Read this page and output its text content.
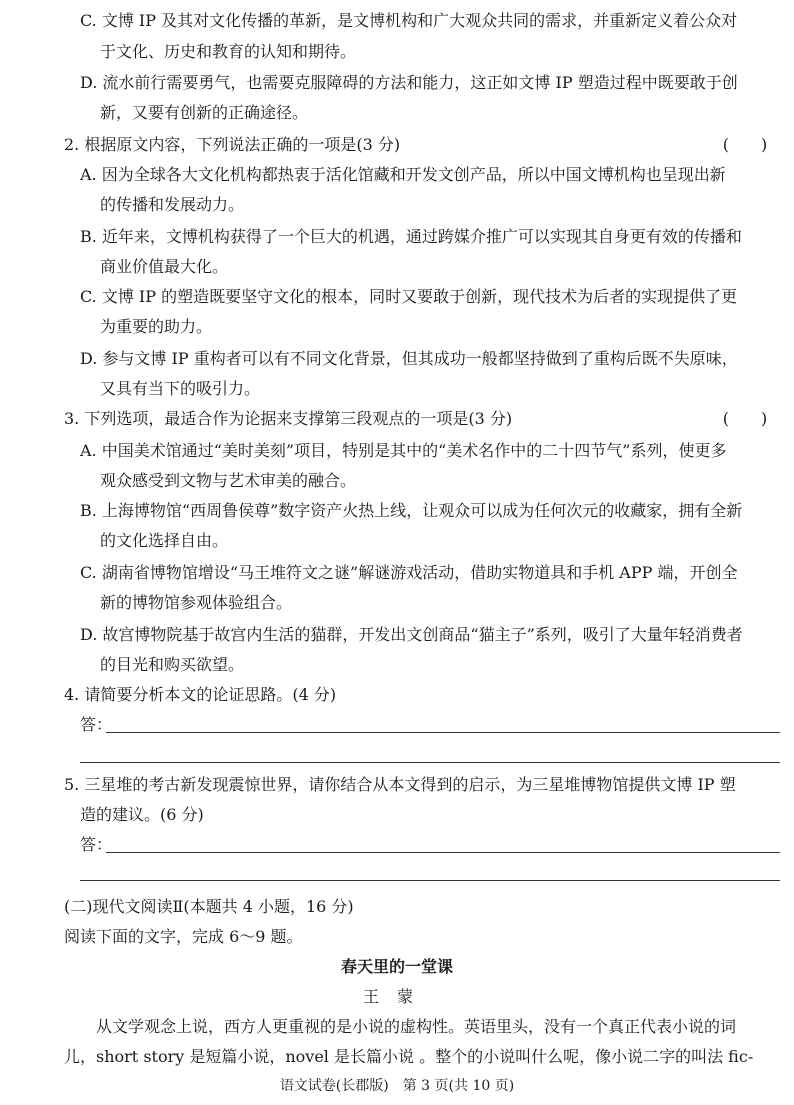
C. 文博 IP 及其对文化传播的革新，是文博机构和广大观众共同的需求，并重新定义着公众对
于文化、历史和教育的认知和期待。
D. 流水前行需要勇气，也需要克服障碍的方法和能力，这正如文博 IP 塑造过程中既要敢于创
新，又要有创新的正确途径。
2. 根据原文内容，下列说法正确的一项是(3 分)	(　　)
A. 因为全球各大文化机构都热衷于活化馆藏和开发文创产品，所以中国文博机构也呈现出新
的传播和发展动力。
B. 近年来，文博机构获得了一个巨大的机遇，通过跨媒介推广可以实现其自身更有效的传播和
商业价值最大化。
C. 文博 IP 的塑造既要坚守文化的根本，同时又要敢于创新，现代技术为后者的实现提供了更
为重要的助力。
D. 参与文博 IP 重构者可以有不同文化背景，但其成功一般都坚持做到了重构后既不失原味，
又具有当下的吸引力。
3. 下列选项，最适合作为论据来支撑第三段观点的一项是(3 分)	(　　)
A. 中国美术馆通过“美时美刻”项目，特别是其中的“美术名作中的二十四节气”系列，使更多
观众感受到文物与艺术审美的融合。
B. 上海博物馆“西周鲁侯尊”数字资产火热上线，让观众可以成为任何次元的收藏家，拥有全新
的文化选择自由。
C. 湖南省博物馆增设“马王堆符文之谜”解谜游戏活动，借助实物道具和手机 APP 端，开创全
新的博物馆参观体验组合。
D. 故宫博物院基于故宫内生活的猫群，开发出文创商品“猫主子”系列，吸引了大量年轻消费者
的目光和购买欲望。
4. 请简要分析本文的论证思路。(4 分)
答：
5. 三星堆的考古新发现震惊世界，请你结合从本文得到的启示，为三星堆博物馆提供文博 IP 塑
造的建议。(6 分)
答：
(二)现代文阅读Ⅱ(本题共 4 小题，16 分)
阅读下面的文字，完成 6～9 题。
春天里的一堂课
王蒙
　　从文学观念上说，西方人更重视的是小说的虚构性。英语里头，没有一个真正代表小说的词
儿，short story 是短篇小说，novel 是长篇小说 。整个的小说叫什么呢，像小说二字的叫法 fic-
语文试卷(长郡版)　第 3 页(共 10 页)
